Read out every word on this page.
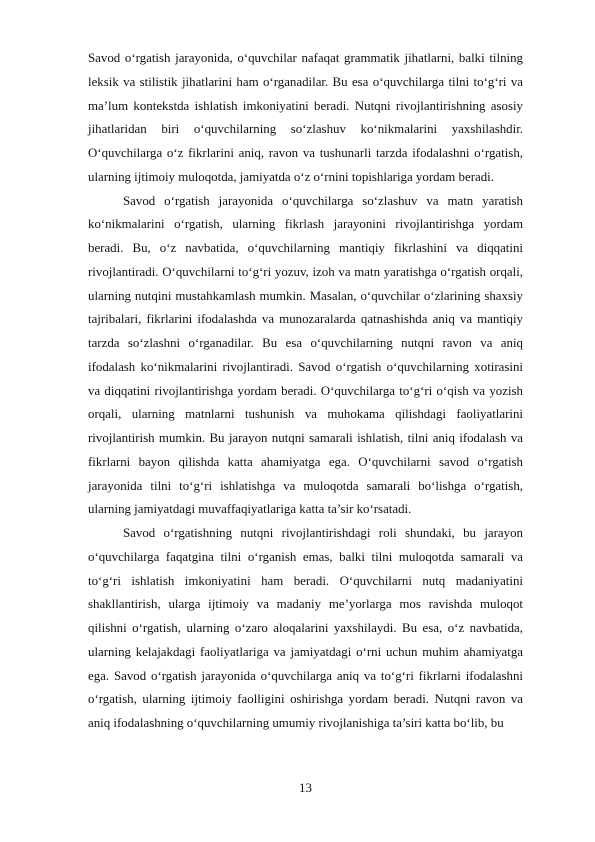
Savod o‘rgatish jarayonida, o‘quvchilar nafaqat grammatik jihatlarni, balki tilning leksik va stilistik jihatlarini ham o‘rganadilar. Bu esa o‘quvchilarga tilni to‘g‘ri va ma’lum kontekstda ishlatish imkoniyatini beradi. Nutqni rivojlantirishning asosiy jihatlaridan biri o‘quvchilarning so‘zlashuv ko‘nikmalarini yaxshilashdir. O‘quvchilarga o‘z fikrlarini aniq, ravon va tushunarli tarzda ifodalashni o‘rgatish, ularning ijtimoiy muloqotda, jamiyatda o‘z o‘rnini topishlariga yordam beradi.

Savod o‘rgatish jarayonida o‘quvchilarga so‘zlashuv va matn yaratish ko‘nikmalarini o‘rgatish, ularning fikrlash jarayonini rivojlantirishga yordam beradi. Bu, o‘z navbatida, o‘quvchilarning mantiqiy fikrlashini va diqqatini rivojlantiradi. O‘quvchilarni to‘g‘ri yozuv, izoh va matn yaratishga o‘rgatish orqali, ularning nutqini mustahkamlash mumkin. Masalan, o‘quvchilar o‘zlarining shaxsiy tajribalari, fikrlarini ifodalashda va munozaralarda qatnashishda aniq va mantiqiy tarzda so‘zlashni o‘rganadilar. Bu esa o‘quvchilarning nutqni ravon va aniq ifodalash ko‘nikmalarini rivojlantiradi. Savod o‘rgatish o‘quvchilarning xotirasini va diqqatini rivojlantirishga yordam beradi. O‘quvchilarga to‘g‘ri o‘qish va yozish orqali, ularning matnlarni tushunish va muhokama qilishdagi faoliyatlarini rivojlantirish mumkin. Bu jarayon nutqni samarali ishlatish, tilni aniq ifodalash va fikrlarni bayon qilishda katta ahamiyatga ega. O‘quvchilarni savod o‘rgatish jarayonida tilni to‘g‘ri ishlatishga va muloqotda samarali bo‘lishga o‘rgatish, ularning jamiyatdagi muvaffaqiyatlariga katta ta’sir ko‘rsatadi.

Savod o‘rgatishning nutqni rivojlantirishdagi roli shundaki, bu jarayon o‘quvchilarga faqatgina tilni o‘rganish emas, balki tilni muloqotda samarali va to‘g‘ri ishlatish imkoniyatini ham beradi. O‘quvchilarni nutq madaniyatini shakllantirish, ularga ijtimoiy va madaniy me’yorlarga mos ravishda muloqot qilishni o‘rgatish, ularning o‘zaro aloqalarini yaxshilaydi. Bu esa, o‘z navbatida, ularning kelajakdagi faoliyatlariga va jamiyatdagi o‘rni uchun muhim ahamiyatga ega. Savod o‘rgatish jarayonida o‘quvchilarga aniq va to‘g‘ri fikrlarni ifodalashni o‘rgatish, ularning ijtimoiy faolligini oshirishga yordam beradi. Nutqni ravon va aniq ifodalashning o‘quvchilarning umumiy rivojlanishiga ta’siri katta bo‘lib, bu

13
